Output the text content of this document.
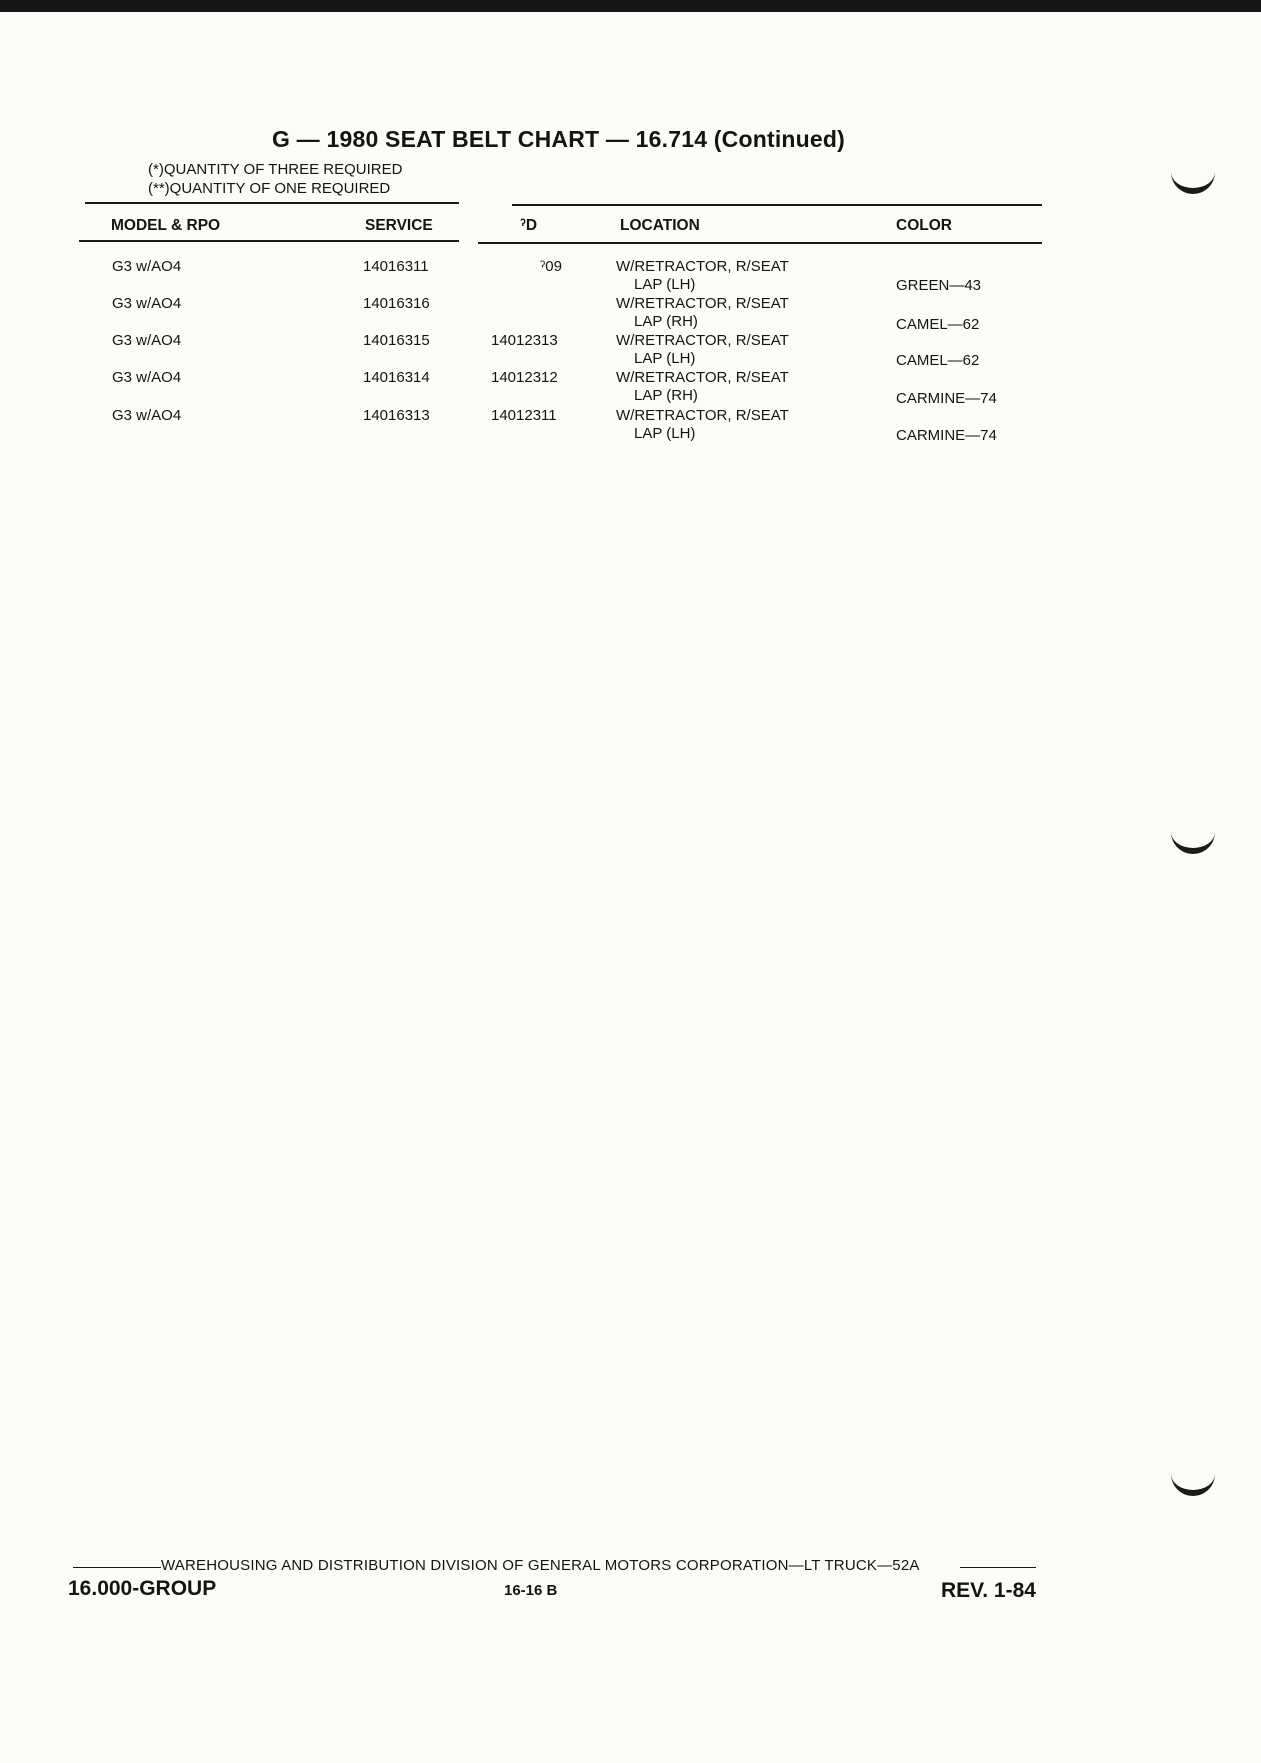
G — 1980 SEAT BELT CHART — 16.714 (Continued)
(*)QUANTITY OF THREE REQUIRED
(**)QUANTITY OF ONE REQUIRED
MODEL & RPO	SERVICE	ˀD	LOCATION	COLOR
G3 w/AO4	14016311	ˀ09	W/RETRACTOR, R/SEAT
LAP (LH)	GREEN—43
G3 w/AO4	14016316	W/RETRACTOR, R/SEAT
LAP (RH)	CAMEL—62
G3 w/AO4	14016315	14012313	W/RETRACTOR, R/SEAT
LAP (LH)	CAMEL—62
G3 w/AO4	14016314	14012312	W/RETRACTOR, R/SEAT
LAP (RH)	CARMINE—74
G3 w/AO4	14016313	14012311	W/RETRACTOR, R/SEAT
LAP (LH)	CARMINE—74
WAREHOUSING AND DISTRIBUTION DIVISION OF GENERAL MOTORS CORPORATION—LT TRUCK—52A
16.000-GROUP	16-16 B	REV. 1-84
